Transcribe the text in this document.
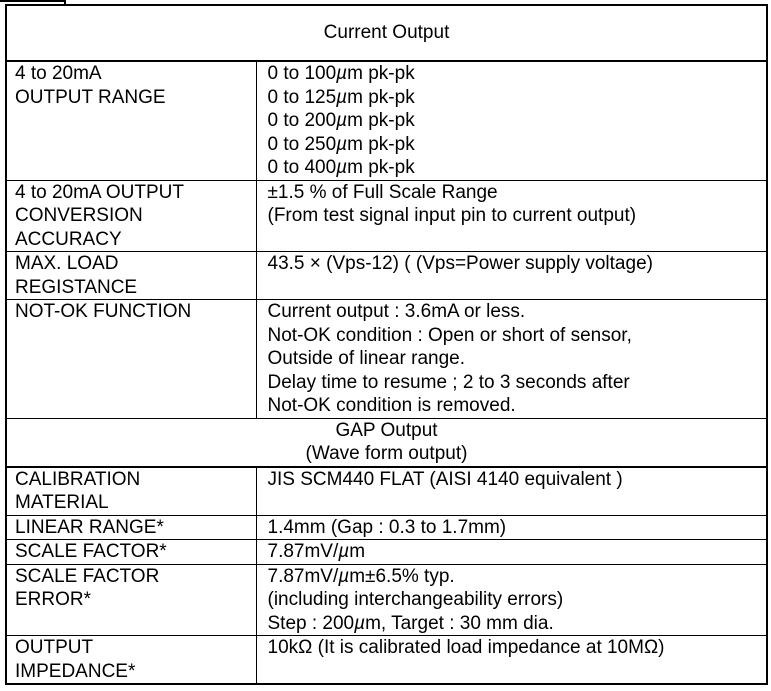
Current Output	

4 to 20mA
OUTPUT RANGE	0 to 100µm pk-pk
0 to 125µm pk-pk
0 to 200µm pk-pk
0 to 250µm pk-pk
0 to 400µm pk-pk

4 to 20mA OUTPUT
CONVERSION
ACCURACY	±1.5 % of Full Scale Range
(From test signal input pin to current output)

MAX. LOAD
REGISTANCE	43.5 × (Vps-12) ( (Vps=Power supply voltage)

NOT-OK FUNCTION	Current output : 3.6mA or less.
Not-OK condition : Open or short of sensor,
Outside of linear range.
Delay time to resume ; 2 to 3 seconds after
Not-OK condition is removed.

GAP Output
(Wave form output)	

CALIBRATION
MATERIAL	JIS SCM440 FLAT (AISI 4140 equivalent )

LINEAR RANGE*	1.4mm (Gap : 0.3 to 1.7mm)

SCALE FACTOR*	7.87mV/µm

SCALE FACTOR
ERROR*	7.87mV/µm±6.5% typ.
(including interchangeability errors)
Step : 200µm, Target : 30 mm dia.

OUTPUT
IMPEDANCE*	10kΩ (It is calibrated load impedance at 10MΩ)
